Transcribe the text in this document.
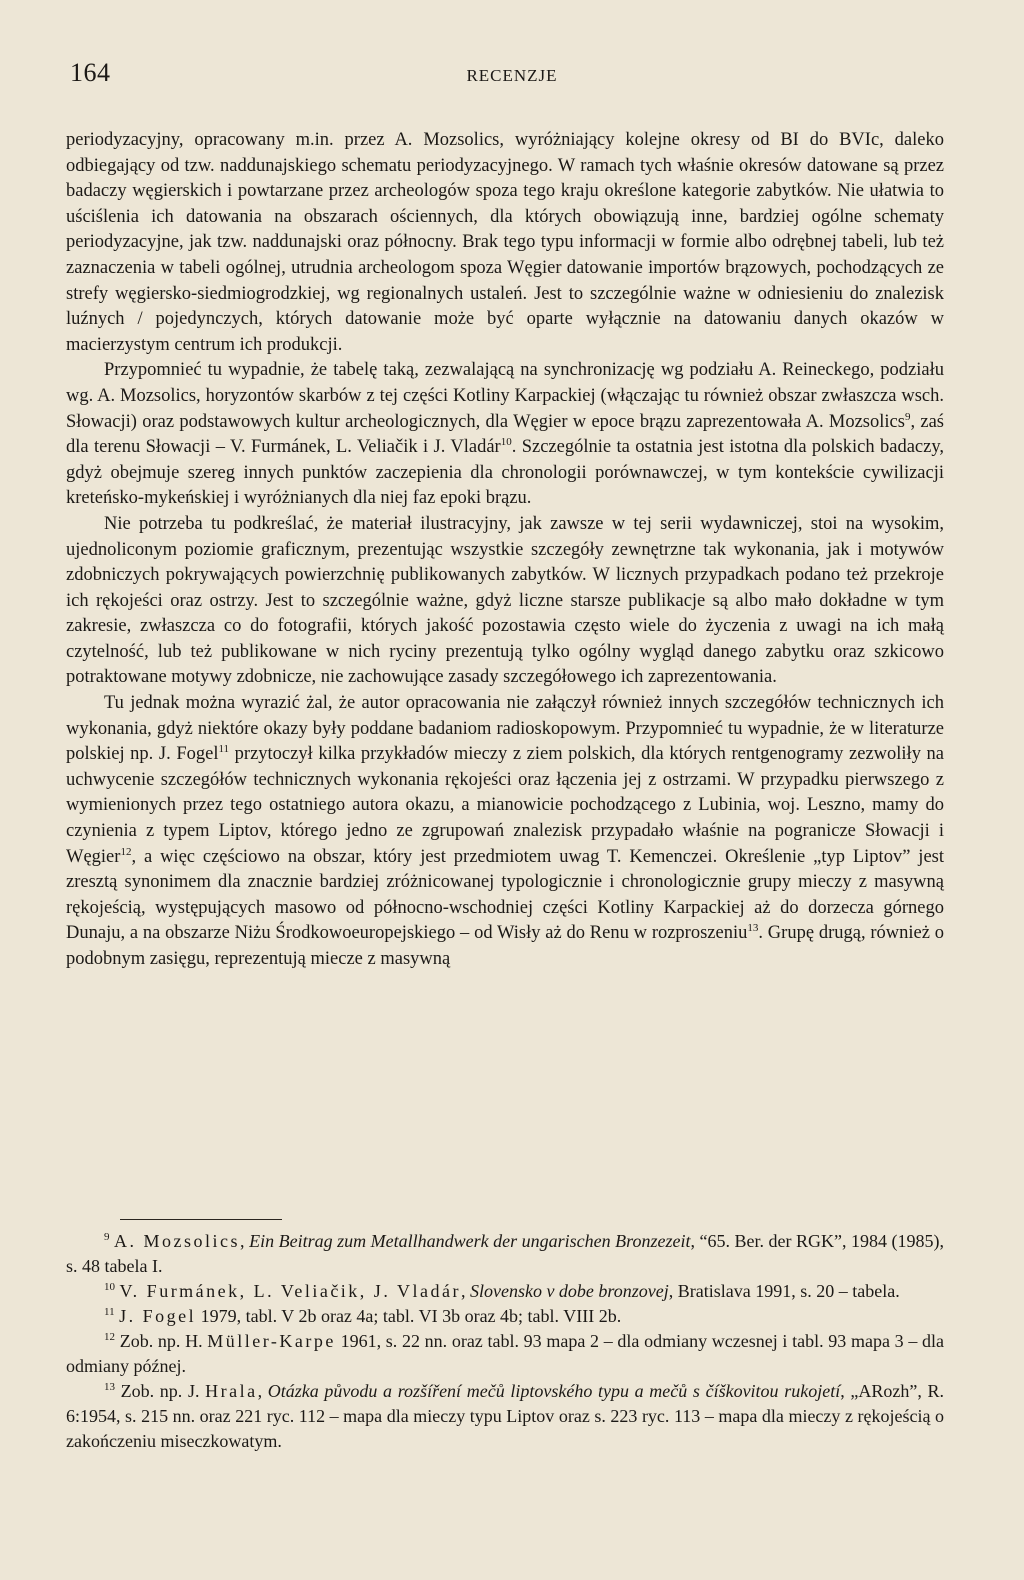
164	RECENZJE

periodyzacyjny, opracowany m.in. przez A. Mozsolics, wyróżniający kolejne okresy od BI do BVIc, daleko odbiegający od tzw. naddunajskiego schematu periodyzacyjnego. W ramach tych właśnie okresów datowane są przez badaczy węgierskich i powtarzane przez archeologów spoza tego kraju określone kategorie zabytków. Nie ułatwia to uściślenia ich datowania na obszarach ościennych, dla których obowiązują inne, bardziej ogólne schematy periodyzacyjne, jak tzw. naddunajski oraz północny. Brak tego typu informacji w formie albo odrębnej tabeli, lub też zaznaczenia w tabeli ogólnej, utrudnia archeologom spoza Węgier datowanie importów brązowych, pochodzących ze strefy węgiersko-siedmiogrodzkiej, wg regionalnych ustaleń. Jest to szczególnie ważne w odniesieniu do znalezisk luźnych / pojedynczych, których datowanie może być oparte wyłącznie na datowaniu danych okazów w macierzystym centrum ich produkcji.

Przypomnieć tu wypadnie, że tabelę taką, zezwalającą na synchronizację wg podziału A. Reineckego, podziału wg. A. Mozsolics, horyzontów skarbów z tej części Kotliny Karpackiej (włączając tu również obszar zwłaszcza wsch. Słowacji) oraz podstawowych kultur archeologicznych, dla Węgier w epoce brązu zaprezentowała A. Mozsolics$^9$, zaś dla terenu Słowacji – V. Furmánek, L. Veliačik i J. Vladár$^{10}$. Szczególnie ta ostatnia jest istotna dla polskich badaczy, gdyż obejmuje szereg innych punktów zaczepienia dla chronologii porównawczej, w tym kontekście cywilizacji kreteńsko-mykeńskiej i wyróżnianych dla niej faz epoki brązu.

Nie potrzeba tu podkreślać, że materiał ilustracyjny, jak zawsze w tej serii wydawniczej, stoi na wysokim, ujednoliconym poziomie graficznym, prezentując wszystkie szczegóły zewnętrzne tak wykonania, jak i motywów zdobniczych pokrywających powierzchnię publikowanych zabytków. W licznych przypadkach podano też przekroje ich rękojeści oraz ostrzy. Jest to szczególnie ważne, gdyż liczne starsze publikacje są albo mało dokładne w tym zakresie, zwłaszcza co do fotografii, których jakość pozostawia często wiele do życzenia z uwagi na ich małą czytelność, lub też publikowane w nich ryciny prezentują tylko ogólny wygląd danego zabytku oraz szkicowo potraktowane motywy zdobnicze, nie zachowujące zasady szczegółowego ich zaprezentowania.

Tu jednak można wyrazić żal, że autor opracowania nie załączył również innych szczegółów technicznych ich wykonania, gdyż niektóre okazy były poddane badaniom radioskopowym. Przypomnieć tu wypadnie, że w literaturze polskiej np. J. Fogel$^{11}$ przytoczył kilka przykładów mieczy z ziem polskich, dla których rentgenogramy zezwoliły na uchwycenie szczegółów technicznych wykonania rękojeści oraz łączenia jej z ostrzami. W przypadku pierwszego z wymienionych przez tego ostatniego autora okazu, a mianowicie pochodzącego z Lubinia, woj. Leszno, mamy do czynienia z typem Liptov, którego jedno ze zgrupowań znalezisk przypadało właśnie na pograniczе Słowacji i Węgier$^{12}$, a więc częściowo na obszar, który jest przedmiotem uwag T. Kemenczei. Określenie „typ Liptov” jest zresztą synonimem dla znacznie bardziej zróżnicowanej typologicznie i chronologicznie grupy mieczy z masywną rękojeścią, występujących masowo od północno-wschodniej części Kotliny Karpackiej aż do dorzecza górnego Dunaju, a na obszarze Niżu Środkowoeuropejskiego – od Wisły aż do Renu w rozproszeniu$^{13}$. Grupę drugą, również o podobnym zasięgu, reprezentują miecze z masywną

$^9$ A. Mozsolics, Ein Beitrag zum Metallhandwerk der ungarischen Bronzezeit, “65. Ber. der RGK”, 1984 (1985), s. 48 tabela I.

$^{10}$ V. Furmánek, L. Veliačik, J. Vladár, Slovensko v dobe bronzovej, Bratislava 1991, s. 20 – tabela.

$^{11}$ J. Fogel 1979, tabl. V 2b oraz 4a; tabl. VI 3b oraz 4b; tabl. VIII 2b.

$^{12}$ Zob. np. H. Müller-Karpe 1961, s. 22 nn. oraz tabl. 93 mapa 2 – dla odmiany wczesnej i tabl. 93 mapa 3 – dla odmiany późnej.

$^{13}$ Zob. np. J. Hrala, Otázka původu a rozšíření mečů liptovského typu a mečů s číškovitou rukojetí, „ARozh”, R. 6:1954, s. 215 nn. oraz 221 ryc. 112 – mapa dla mieczy typu Liptov oraz s. 223 ryc. 113 – mapa dla mieczy z rękojeścią o zakończeniu miseczkowatym.
